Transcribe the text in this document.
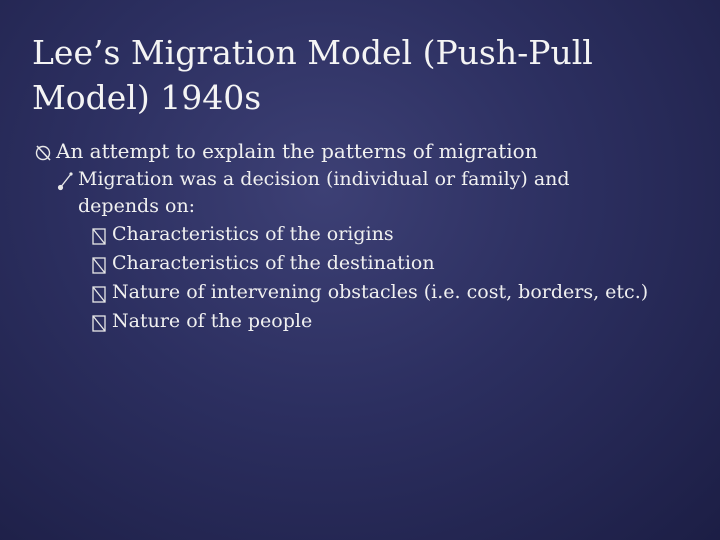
Lee’s Migration Model (Push-Pull
Model) 1940s
An attempt to explain the patterns of migration
Migration was a decision (individual or family) and
depends on:
Characteristics of the origins
Characteristics of the destination
Nature of intervening obstacles (i.e. cost, borders, etc.)
Nature of the people
